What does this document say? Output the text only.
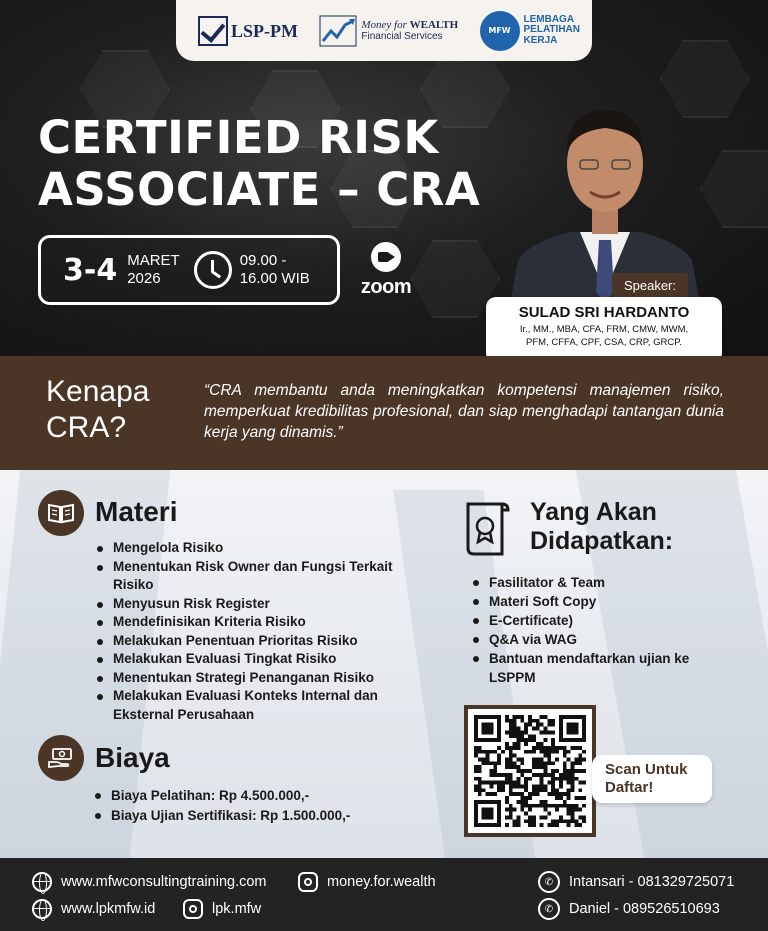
LSP-PM	Money for WEALTH
Financial Services
MFW
LEMBAGA
PELATIHAN
KERJA
CERTIFIED RISK
ASSOCIATE – CRA
3-4 MARET
2026
09.00 -
16.00 WIB	zoom	Speaker:
SULAD SRI HARDANTO
Ir., MM., MBA, CFA, FRM, CMW, MWM,
PFM, CFFA, CPF, CSA, CRP, GRCP.
Kenapa
CRA?
“CRA membantu anda meningkatkan kompetensi manajemen risiko, memperkuat kredibilitas profesional, dan siap menghadapi tantangan dunia kerja yang dinamis.”
Materi
Mengelola Risiko
Menentukan Risk Owner dan Fungsi Terkait Risiko
Menyusun Risk Register
Mendefinisikan Kriteria Risiko
Melakukan Penentuan Prioritas Risiko
Melakukan Evaluasi Tingkat Risiko
Menentukan Strategi Penanganan Risiko
Melakukan Evaluasi Konteks Internal dan Eksternal Perusahaan
Biaya
Biaya Pelatihan: Rp 4.500.000,-
Biaya Ujian Sertifikasi: Rp 1.500.000,-
Yang Akan
Didapatkan:
Fasilitator & Team
Materi Soft Copy
E-Certificate)
Q&A via WAG
Bantuan mendaftarkan ujian ke LSPPM
Scan Untuk
Daftar!
www.mfwconsultingtraining.com
www.lpkmfw.id
money.for.wealth
lpk.mfw
✆	Intansari - 081329725071
✆	Daniel - 089526510693
